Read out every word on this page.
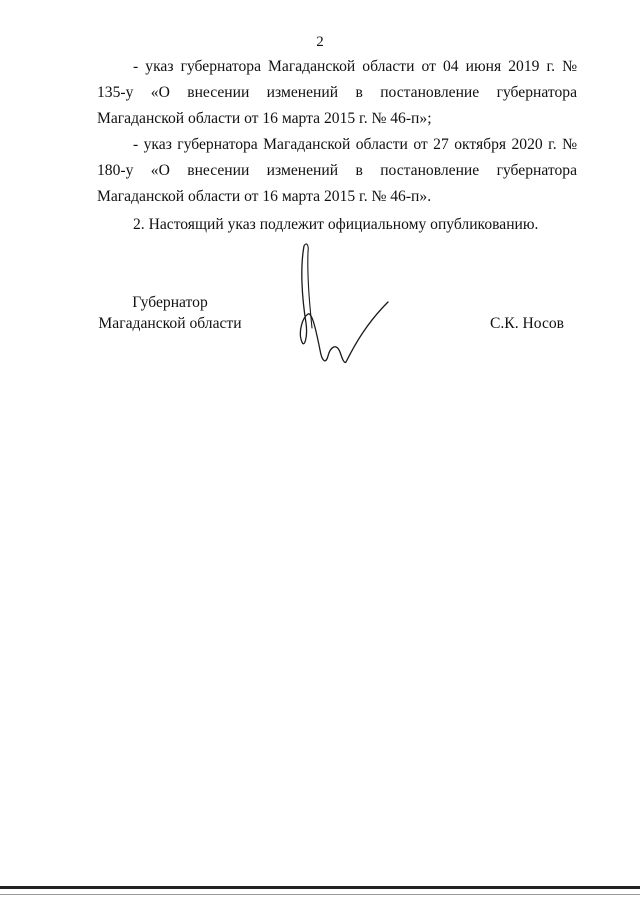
2

- указ губернатора Магаданской области от 04 июня 2019 г. № 135-у «О внесении изменений в постановление губернатора Магаданской области от 16 марта 2015 г. № 46-п»;

- указ губернатора Магаданской области от 27 октября 2020 г. № 180-у «О внесении изменений в постановление губернатора Магаданской области от 16 марта 2015 г. № 46-п».

2. Настоящий указ подлежит официальному опубликованию.

Губернатор
Магаданской области	С.К. Носов
